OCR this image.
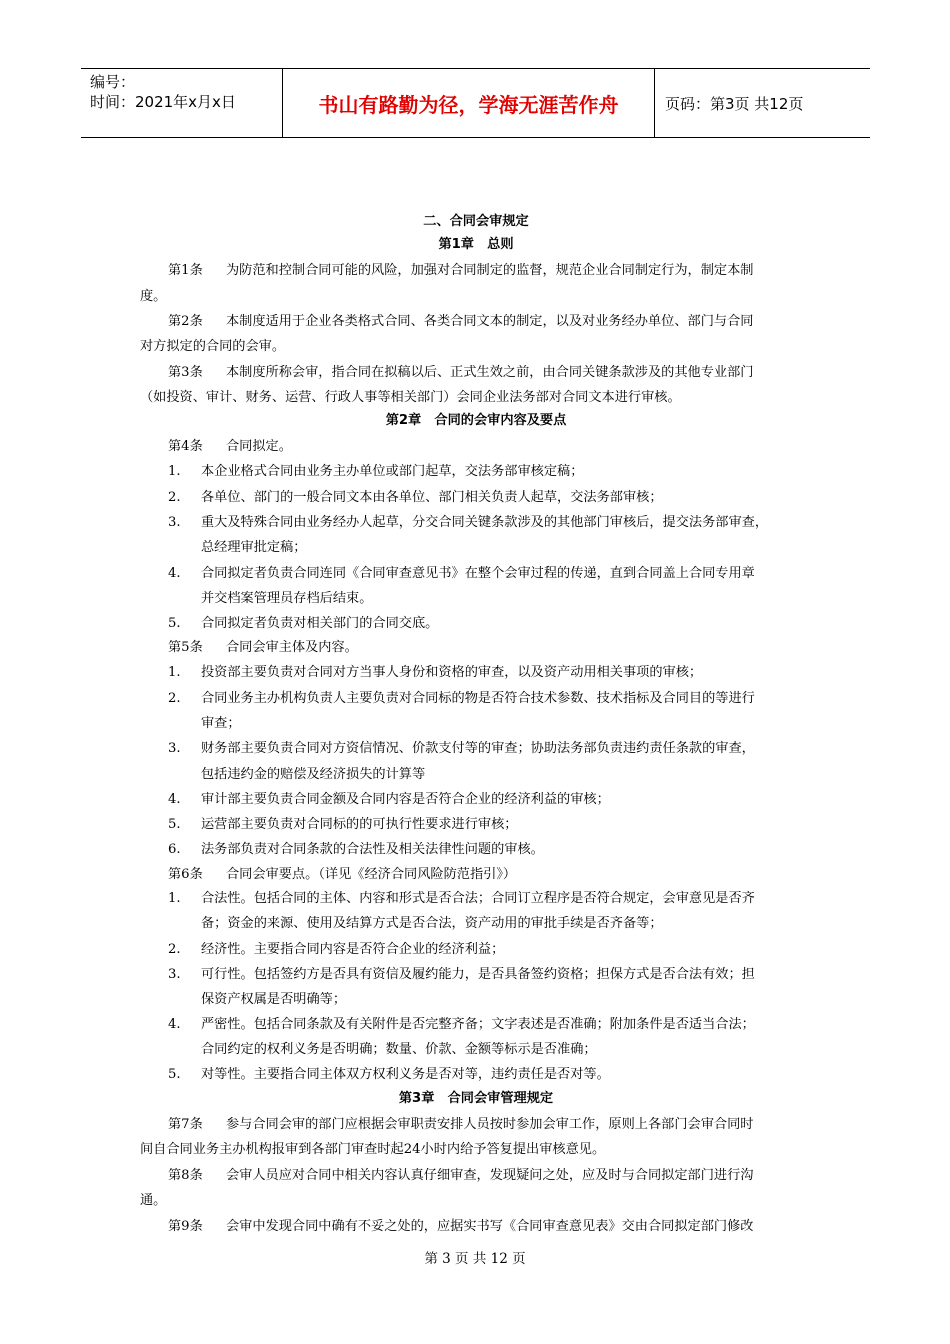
编号：
时间：2021年x月x日	书山有路勤为径，学海无涯苦作舟	页码：第3页 共12页
二、合同会审规定
第1章　总则
第1条 为防范和控制合同可能的风险，加强对合同制定的监督，规范企业合同制定行为，制定本制
度。
第2条 本制度适用于企业各类格式合同、各类合同文本的制定，以及对业务经办单位、部门与合同
对方拟定的合同的会审。
第3条 本制度所称会审，指合同在拟稿以后、正式生效之前，由合同关键条款涉及的其他专业部门
（如投资、审计、财务、运营、行政人事等相关部门）会同企业法务部对合同文本进行审核。
第2章　合同的会审内容及要点
第4条 合同拟定。
1. 本企业格式合同由业务主办单位或部门起草，交法务部审核定稿；
2. 各单位、部门的一般合同文本由各单位、部门相关负责人起草，交法务部审核；
3. 重大及特殊合同由业务经办人起草，分交合同关键条款涉及的其他部门审核后，提交法务部审查，
总经理审批定稿；
4. 合同拟定者负责合同连同《合同审查意见书》在整个会审过程的传递，直到合同盖上合同专用章
并交档案管理员存档后结束。
5. 合同拟定者负责对相关部门的合同交底。
第5条 合同会审主体及内容。
1. 投资部主要负责对合同对方当事人身份和资格的审查，以及资产动用相关事项的审核；
2. 合同业务主办机构负责人主要负责对合同标的物是否符合技术参数、技术指标及合同目的等进行
审查；
3. 财务部主要负责合同对方资信情况、价款支付等的审查；协助法务部负责违约责任条款的审查，
包括违约金的赔偿及经济损失的计算等
4. 审计部主要负责合同金额及合同内容是否符合企业的经济利益的审核；
5. 运营部主要负责对合同标的的可执行性要求进行审核；
6. 法务部负责对合同条款的合法性及相关法律性问题的审核。
第6条 合同会审要点。（详见《经济合同风险防范指引》）
1. 合法性。包括合同的主体、内容和形式是否合法；合同订立程序是否符合规定，会审意见是否齐
备；资金的来源、使用及结算方式是否合法，资产动用的审批手续是否齐备等；
2. 经济性。主要指合同内容是否符合企业的经济利益；
3. 可行性。包括签约方是否具有资信及履约能力，是否具备签约资格；担保方式是否合法有效；担
保资产权属是否明确等；
4. 严密性。包括合同条款及有关附件是否完整齐备；文字表述是否准确；附加条件是否适当合法；
合同约定的权利义务是否明确；数量、价款、金额等标示是否准确；
5. 对等性。主要指合同主体双方权利义务是否对等，违约责任是否对等。
第3章　合同会审管理规定
第7条 参与合同会审的部门应根据会审职责安排人员按时参加会审工作，原则上各部门会审合同时
间自合同业务主办机构报审到各部门审查时起24小时内给予答复提出审核意见。
第8条 会审人员应对合同中相关内容认真仔细审查，发现疑问之处，应及时与合同拟定部门进行沟
通。
第9条 会审中发现合同中确有不妥之处的，应据实书写《合同审查意见表》交由合同拟定部门修改
第 3 页 共 12 页
